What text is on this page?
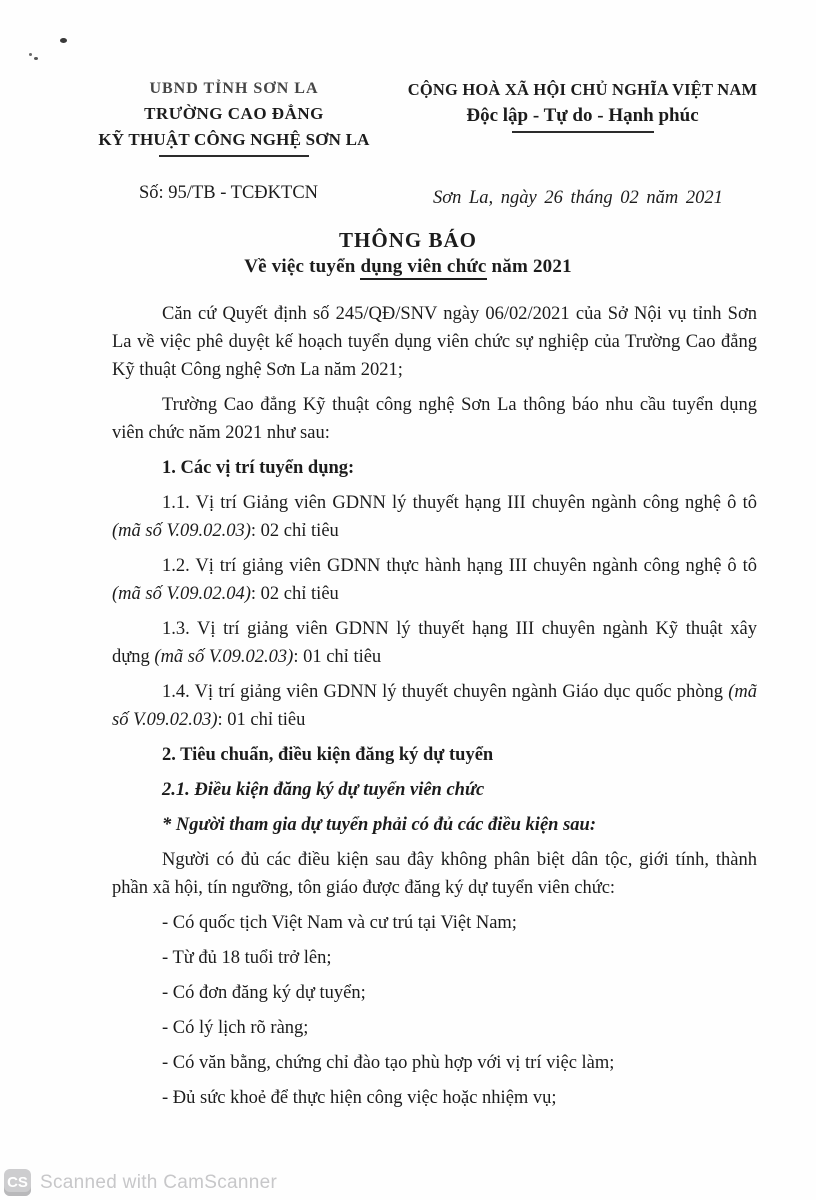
UBND TỈNH SƠN LA
TRƯỜNG CAO ĐẲNG
KỸ THUẬT CÔNG NGHỆ SƠN LA
CỘNG HOÀ XÃ HỘI CHỦ NGHĨA VIỆT NAM
Độc lập - Tự do - Hạnh phúc
Số: 95/TB - TCĐKTCN	Sơn La, ngày 26 tháng 02 năm 2021
THÔNG BÁO
Về việc tuyển dụng viên chức năm 2021

Căn cứ Quyết định số 245/QĐ/SNV ngày 06/02/2021 của Sở Nội vụ tỉnh Sơn La về việc phê duyệt kế hoạch tuyển dụng viên chức sự nghiệp của Trường Cao đẳng Kỹ thuật Công nghệ Sơn La năm 2021;

Trường Cao đẳng Kỹ thuật công nghệ Sơn La thông báo nhu cầu tuyển dụng viên chức năm 2021 như sau:

1. Các vị trí tuyển dụng:

1.1. Vị trí Giảng viên GDNN lý thuyết hạng III chuyên ngành công nghệ ô tô (mã số V.09.02.03): 02 chỉ tiêu

1.2. Vị trí giảng viên GDNN thực hành hạng III chuyên ngành công nghệ ô tô (mã số V.09.02.04): 02 chỉ tiêu

1.3. Vị trí giảng viên GDNN lý thuyết hạng III chuyên ngành Kỹ thuật xây dựng (mã số V.09.02.03): 01 chỉ tiêu

1.4. Vị trí giảng viên GDNN lý thuyết chuyên ngành Giáo dục quốc phòng (mã số V.09.02.03): 01 chỉ tiêu

2. Tiêu chuẩn, điều kiện đăng ký dự tuyển

2.1. Điều kiện đăng ký dự tuyển viên chức

* Người tham gia dự tuyển phải có đủ các điều kiện sau:

Người có đủ các điều kiện sau đây không phân biệt dân tộc, giới tính, thành phần xã hội, tín ngưỡng, tôn giáo được đăng ký dự tuyển viên chức:

- Có quốc tịch Việt Nam và cư trú tại Việt Nam;

- Từ đủ 18 tuổi trở lên;

- Có đơn đăng ký dự tuyển;

- Có lý lịch rõ ràng;

- Có văn bằng, chứng chỉ đào tạo phù hợp với vị trí việc làm;

- Đủ sức khoẻ để thực hiện công việc hoặc nhiệm vụ;

CS Scanned with CamScanner
